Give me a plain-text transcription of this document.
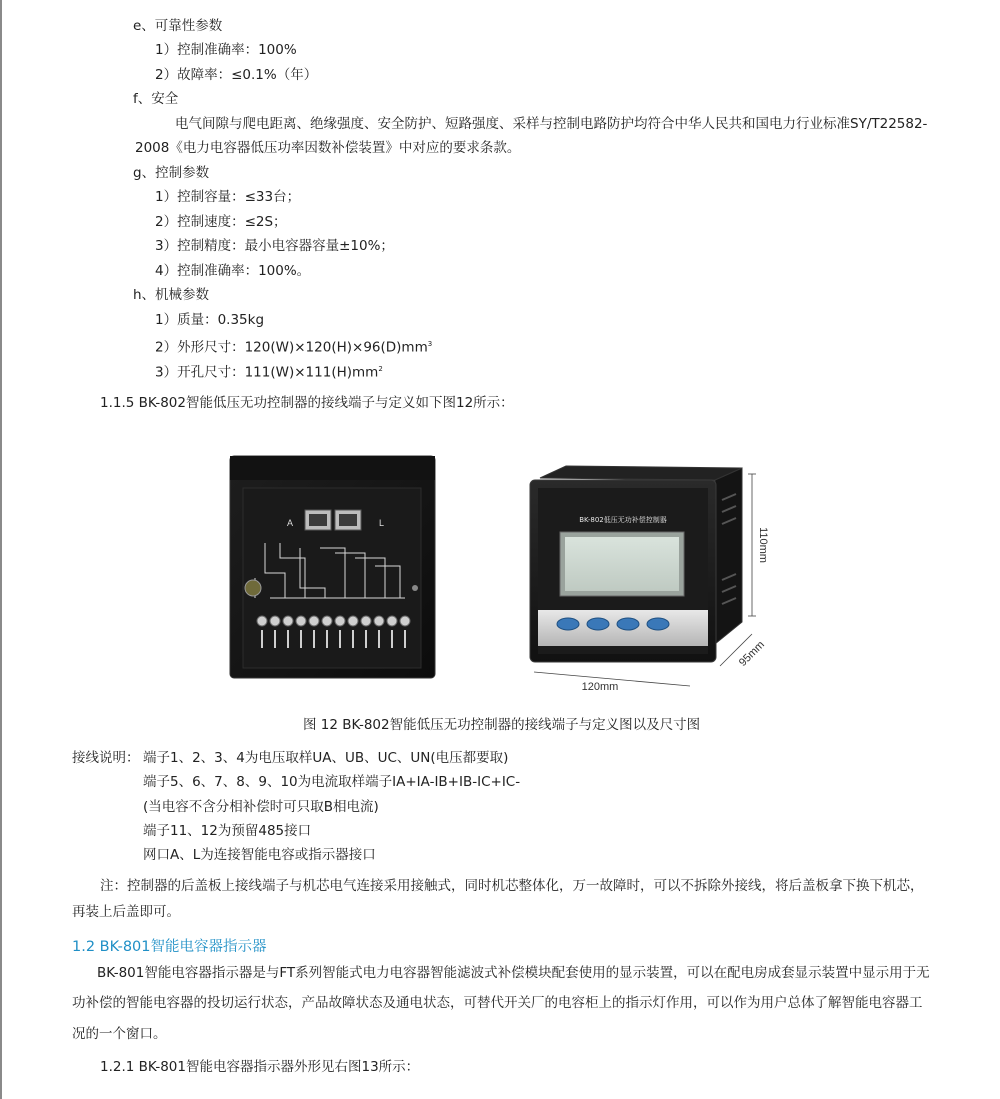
e、可靠性参数
1）控制准确率：100%
2）故障率：≤0.1%（年）
f、安全
电气间隙与爬电距离、绝缘强度、安全防护、短路强度、采样与控制电路防护均符合中华人民共和国电力行业标准SY/T22582-
2008《电力电容器低压功率因数补偿装置》中对应的要求条款。
g、控制参数
1）控制容量：≤33台；
2）控制速度：≤2S；
3）控制精度：最小电容器容量±10%；
4）控制准确率：100%。
h、机械参数
1）质量：0.35kg
2）外形尺寸：$120(W)\times 120(H)\times 96(D)mm^3$
3）开孔尺寸：$111(W)\times 111(H)mm^2$
1.1.5 BK-802智能低压无功控制器的接线端子与定义如下图12所示：
A	L	BK-802低压无功补偿控制器
110mm
120mm
95mm
图 12 BK-802智能低压无功控制器的接线端子与定义图以及尺寸图
接线说明： 端子1、2、3、4为电压取样UA、UB、UC、UN(电压都要取)
端子5、6、7、8、9、10为电流取样端子IA+IA-IB+IB-IC+IC-
(当电容不含分相补偿时可只取B相电流)
端子11、12为预留485接口
网口A、L为连接智能电容或指示器接口
注：控制器的后盖板上接线端子与机芯电气连接采用接触式，同时机芯整体化，万一故障时，可以不拆除外接线，将后盖板拿下换下机芯，
再装上后盖即可。
1.2 BK-801智能电容器指示器
BK-801智能电容器指示器是与FT系列智能式电力电容器智能滤波式补偿模块配套使用的显示装置，可以在配电房成套显示装置中显示用于无
功补偿的智能电容器的投切运行状态，产品故障状态及通电状态，可替代开关厂的电容柜上的指示灯作用，可以作为用户总体了解智能电容器工
况的一个窗口。
1.2.1 BK-801智能电容器指示器外形见右图13所示：
